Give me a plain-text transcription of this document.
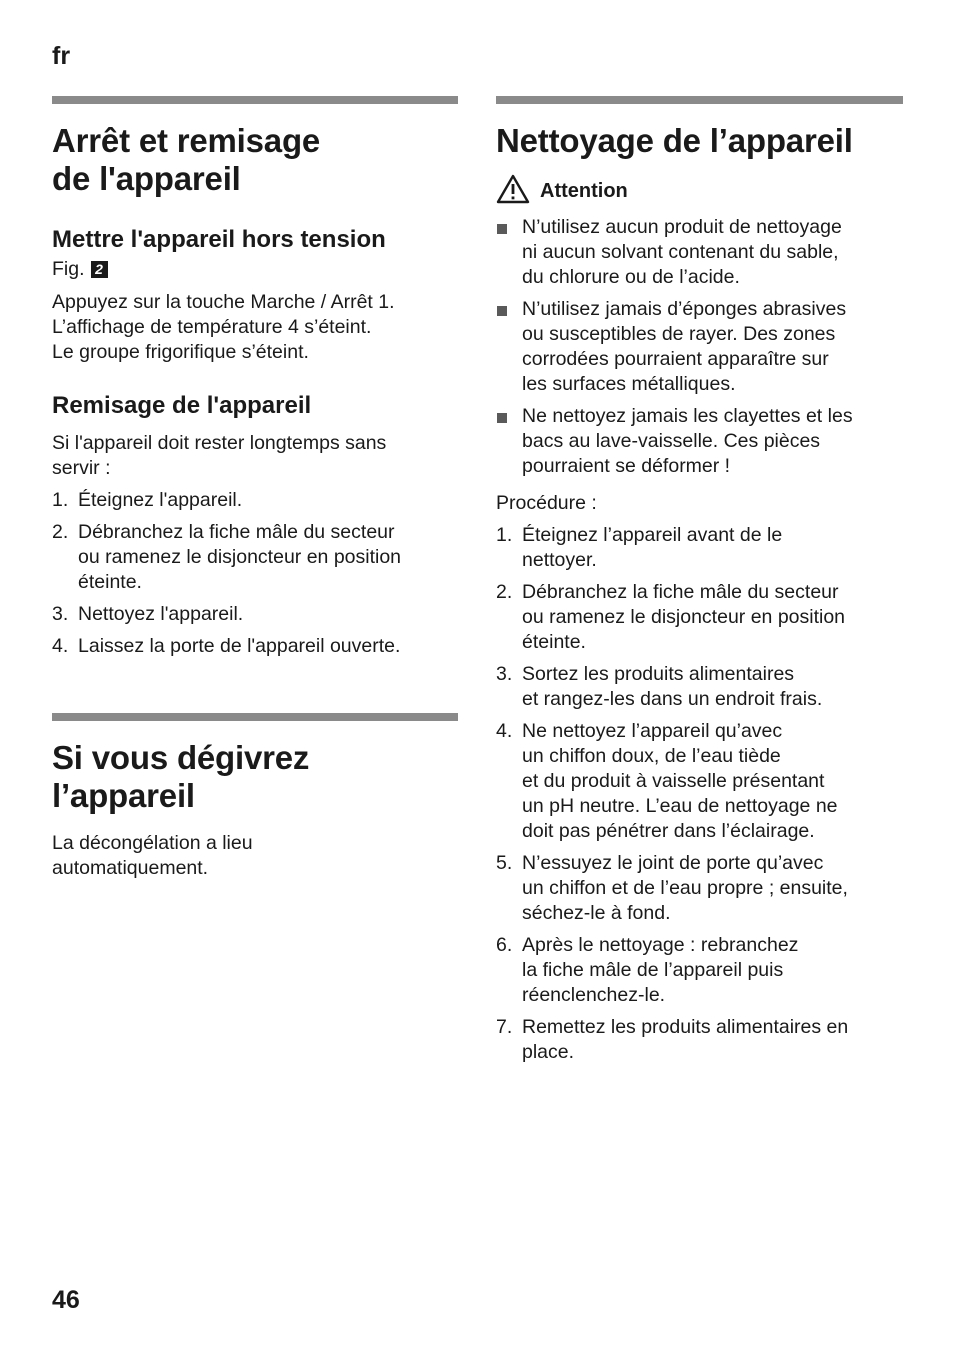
fr
Arrêt et remisage
de l'appareil
Mettre l'appareil hors tension
Fig. 2

Appuyez sur la touche Marche / Arrêt 1.
L’affichage de température 4 s’éteint.
Le groupe frigorifique s’éteint.

Remisage de l'appareil

Si l'appareil doit rester longtemps sans
servir :

1. Éteignez l'appareil.
2. Débranchez la fiche mâle du secteur
ou ramenez le disjoncteur en position
éteinte.
3. Nettoyez l'appareil.
4. Laissez la porte de l'appareil ouverte.
Si vous dégivrez
l’appareil

La décongélation a lieu
automatiquement.

Nettoyage de l’appareil
Attention
N’utilisez aucun produit de nettoyage
ni aucun solvant contenant du sable,
du chlorure ou de l’acide.
N’utilisez jamais d’éponges abrasives
ou susceptibles de rayer. Des zones
corrodées pourraient apparaître sur
les surfaces métalliques.
Ne nettoyez jamais les clayettes et les
bacs au lave-vaisselle. Ces pièces
pourraient se déformer !

Procédure :

1. Éteignez l’appareil avant de le
nettoyer.
2. Débranchez la fiche mâle du secteur
ou ramenez le disjoncteur en position
éteinte.
3. Sortez les produits alimentaires
et rangez-les dans un endroit frais.
4. Ne nettoyez l’appareil qu’avec
un chiffon doux, de l’eau tiède
et du produit à vaisselle présentant
un pH neutre. L’eau de nettoyage ne
doit pas pénétrer dans l’éclairage.
5. N’essuyez le joint de porte qu’avec
un chiffon et de l’eau propre ; ensuite,
séchez-le à fond.
6. Après le nettoyage : rebranchez
la fiche mâle de l’appareil puis
réenclenchez-le.
7. Remettez les produits alimentaires en
place.
46
